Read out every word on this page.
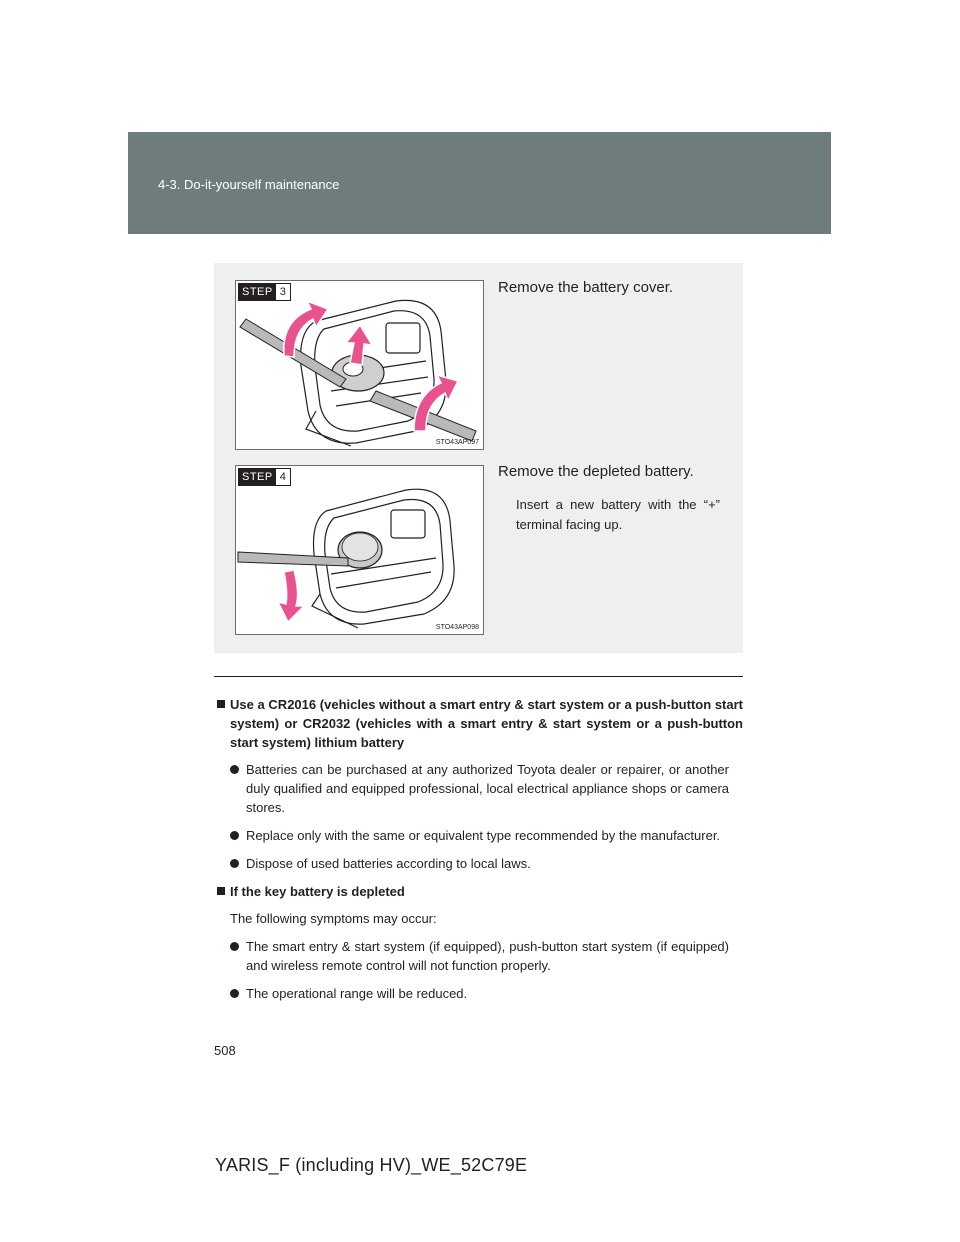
4-3. Do-it-yourself maintenance
STEP 3
STO43AP097
Remove the battery cover.
STEP 4
STO43AP098
Remove the depleted battery.
Insert a new battery with the “+” terminal facing up.
Use a CR2016 (vehicles without a smart entry & start system or a push-button start system) or CR2032 (vehicles with a smart entry & start system or a push-button start system) lithium battery
Batteries can be purchased at any authorized Toyota dealer or repairer, or another duly qualified and equipped professional, local electrical appliance shops or camera stores.
Replace only with the same or equivalent type recommended by the manufacturer.
Dispose of used batteries according to local laws.
If the key battery is depleted
The following symptoms may occur:
The smart entry & start system (if equipped), push-button start system (if equipped) and wireless remote control will not function properly.
The operational range will be reduced.
508
YARIS_F (including HV)_WE_52C79E
